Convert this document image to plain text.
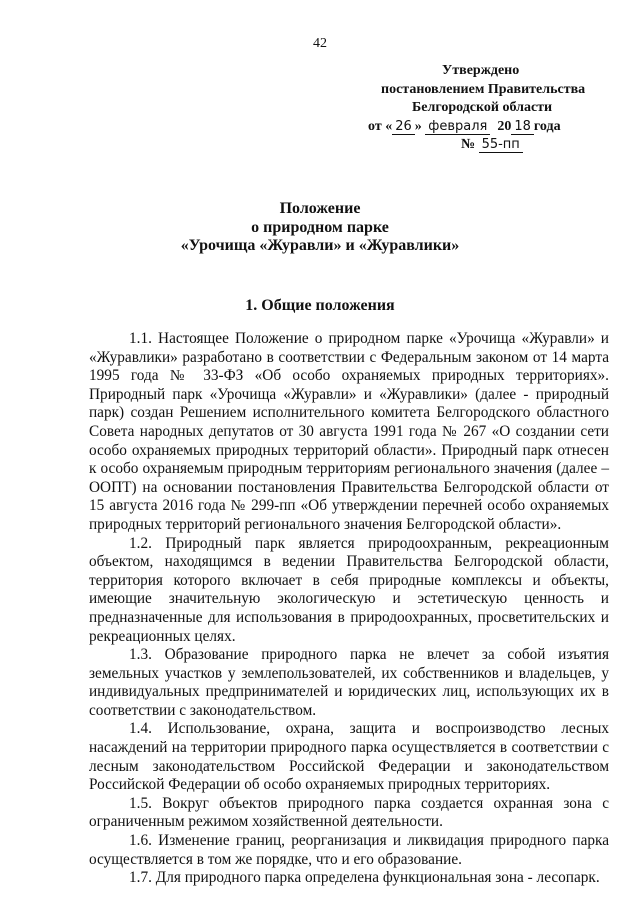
42
Утверждено
постановлением Правительства
Белгородской области
от « 26 » февраля 20 18 года
№ 55-пп
Положение
о природном парке
«Урочища «Журавли» и «Журавлики»
1. Общие положения

1.1. Настоящее Положение о природном парке «Урочища «Журавли» и «Журавлики» разработано в соответствии с Федеральным законом от 14 марта 1995 года № 33-ФЗ «Об особо охраняемых природных территориях». Природный парк «Урочища «Журавли» и «Журавлики» (далее - природный парк) создан Решением исполнительного комитета Белгородского областного Совета народных депутатов от 30 августа 1991 года № 267 «О создании сети особо охраняемых природных территорий области». Природный парк отнесен к особо охраняемым природным территориям регионального значения (далее – ООПТ) на основании постановления Правительства Белгородской области от 15 августа 2016 года № 299-пп «Об утверждении перечней особо охраняемых природных территорий регионального значения Белгородской области».

1.2. Природный парк является природоохранным, рекреационным объектом, находящимся в ведении Правительства Белгородской области, территория которого включает в себя природные комплексы и объекты, имеющие значительную экологическую и эстетическую ценность и предназначенные для использования в природоохранных, просветительских и рекреационных целях.

1.3. Образование природного парка не влечет за собой изъятия земельных участков у землепользователей, их собственников и владельцев, у индивидуальных предпринимателей и юридических лиц, использующих их в соответствии с законодательством.

1.4. Использование, охрана, защита и воспроизводство лесных насаждений на территории природного парка осуществляется в соответствии с лесным законодательством Российской Федерации и законодательством Российской Федерации об особо охраняемых природных территориях.

1.5. Вокруг объектов природного парка создается охранная зона с ограниченным режимом хозяйственной деятельности.

1.6. Изменение границ, реорганизация и ликвидация природного парка осуществляется в том же порядке, что и его образование.

1.7. Для природного парка определена функциональная зона - лесопарк.
